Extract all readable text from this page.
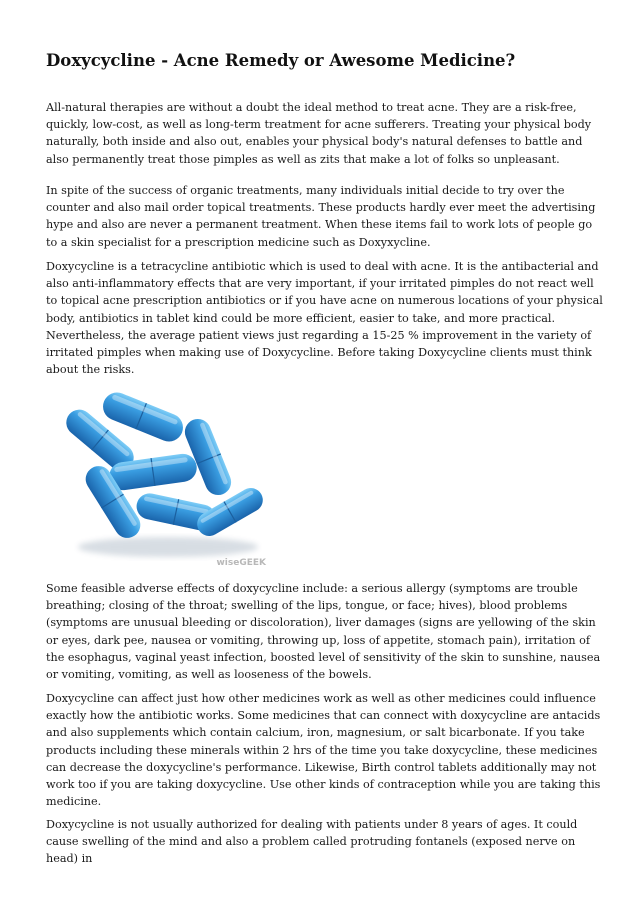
Doxycycline - Acne Remedy or Awesome Medicine?

All-natural therapies are without a doubt the ideal method to treat acne. They are a risk-free, quickly, low-cost, as well as long-term treatment for acne sufferers. Treating your physical body naturally, both inside and also out, enables your physical body's natural defenses to battle and also permanently treat those pimples as well as zits that make a lot of folks so unpleasant.

In spite of the success of organic treatments, many individuals initial decide to try over the counter and also mail order topical treatments. These products hardly ever meet the advertising hype and also are never a permanent treatment. When these items fail to work lots of people go to a skin specialist for a prescription medicine such as Doxyxycline.

Doxycycline is a tetracycline antibiotic which is used to deal with acne. It is the antibacterial and also anti-inflammatory effects that are very important, if your irritated pimples do not react well to topical acne prescription antibiotics or if you have acne on numerous locations of your physical body, antibiotics in tablet kind could be more efficient, easier to take, and more practical. Nevertheless, the average patient views just regarding a 15-25 % improvement in the variety of irritated pimples when making use of Doxycycline. Before taking Doxycycline clients must think about the risks.

wiseGEEK

Some feasible adverse effects of doxycycline include: a serious allergy (symptoms are trouble breathing; closing of the throat; swelling of the lips, tongue, or face; hives), blood problems (symptoms are unusual bleeding or discoloration), liver damages (signs are yellowing of the skin or eyes, dark pee, nausea or vomiting, throwing up, loss of appetite, stomach pain), irritation of the esophagus, vaginal yeast infection, boosted level of sensitivity of the skin to sunshine, nausea or vomiting, vomiting, as well as looseness of the bowels.

Doxycycline can affect just how other medicines work as well as other medicines could influence exactly how the antibiotic works. Some medicines that can connect with doxycycline are antacids and also supplements which contain calcium, iron, magnesium, or salt bicarbonate. If you take products including these minerals within 2 hrs of the time you take doxycycline, these medicines can decrease the doxycycline's performance. Likewise, Birth control tablets additionally may not work too if you are taking doxycycline. Use other kinds of contraception while you are taking this medicine.

Doxycycline is not usually authorized for dealing with patients under 8 years of ages. It could cause swelling of the mind and also a problem called protruding fontanels (exposed nerve on head) in
